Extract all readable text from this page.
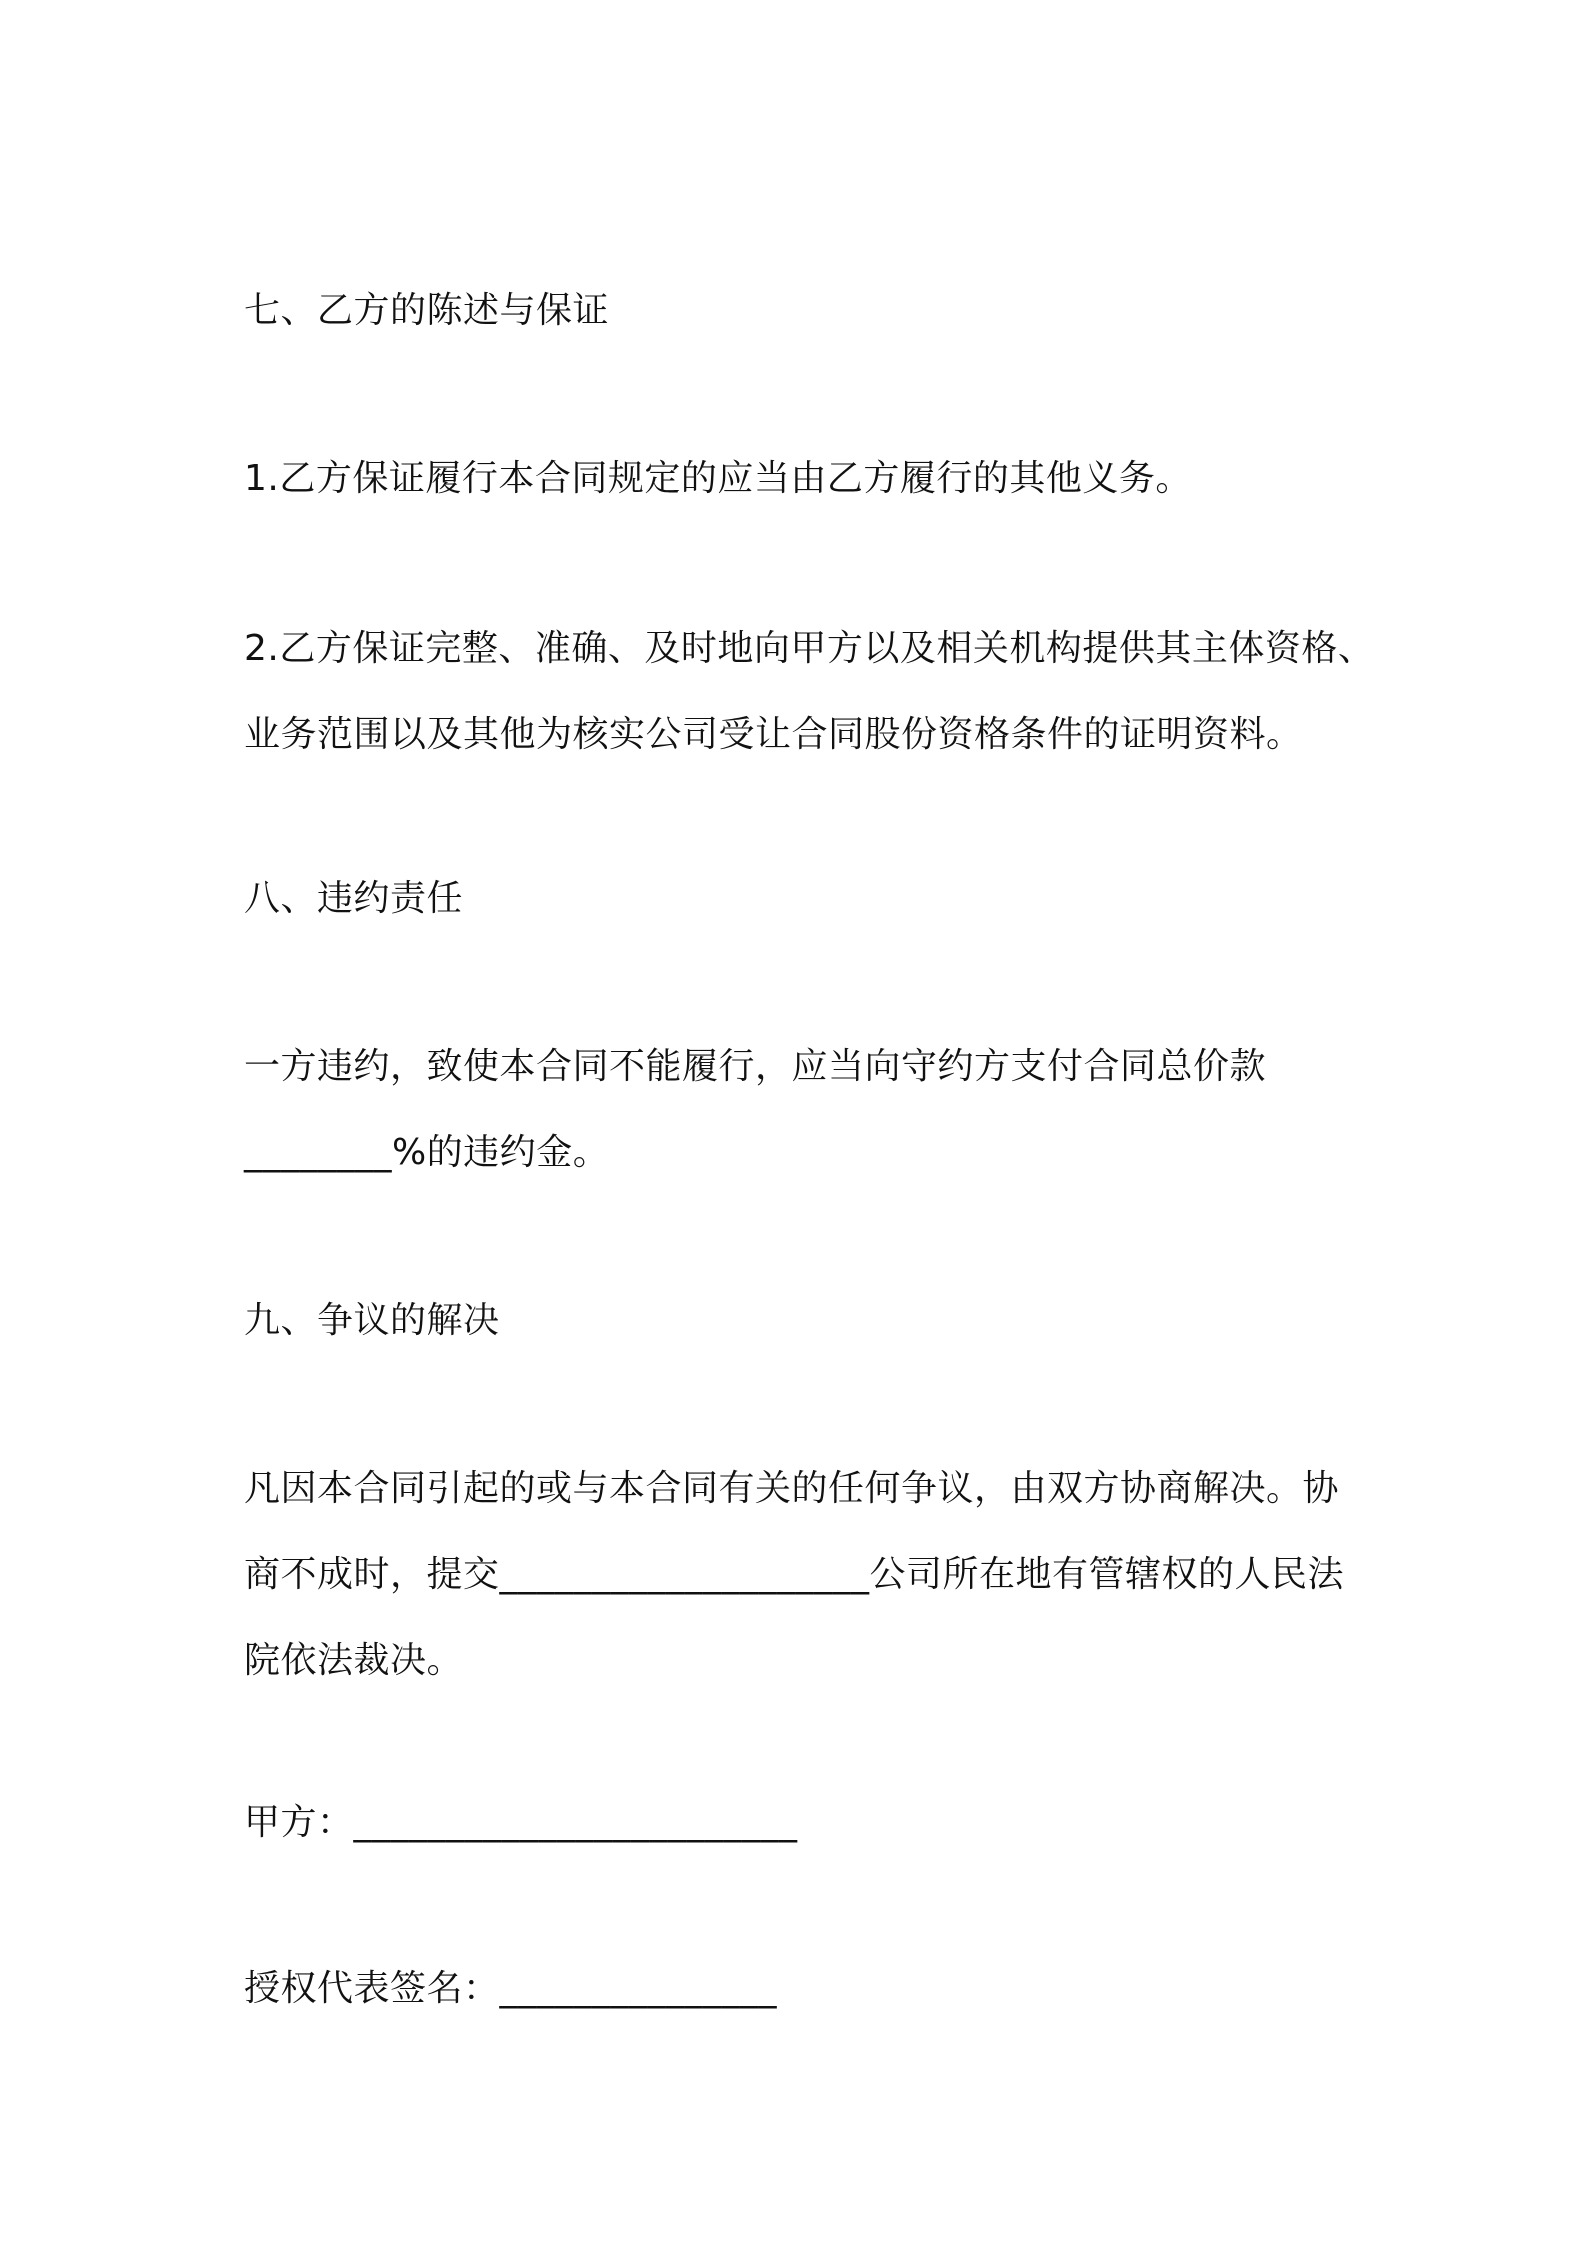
七、乙方的陈述与保证

1.乙方保证履行本合同规定的应当由乙方履行的其他义务。

2.乙方保证完整、准确、及时地向甲方以及相关机构提供其主体资格、
业务范围以及其他为核实公司受让合同股份资格条件的证明资料。

八、违约责任

一方违约，致使本合同不能履行，应当向守约方支付合同总价款
________%的违约金。

九、争议的解决

凡因本合同引起的或与本合同有关的任何争议，由双方协商解决。协
商不成时，提交____________________公司所在地有管辖权的人民法
院依法裁决。

甲方：________________________

授权代表签名：_______________
